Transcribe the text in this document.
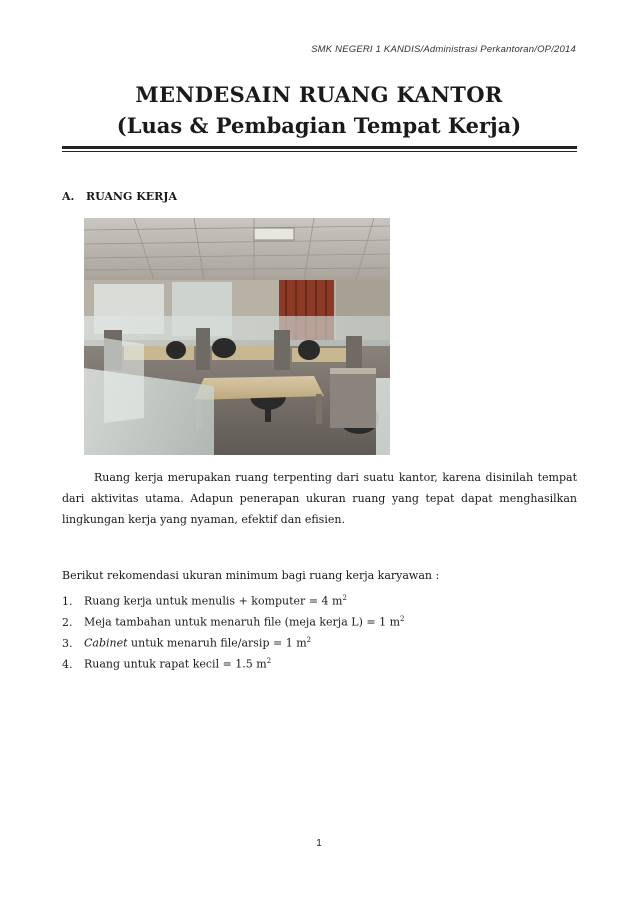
SMK NEGERI 1 KANDIS/Administrasi Perkantoran/OP/2014
MENDESAIN RUANG KANTOR
(Luas & Pembagian Tempat Kerja)
A. RUANG KERJA
Ruang kerja merupakan ruang terpenting dari suatu kantor, karena disinilah tempat dari aktivitas utama. Adapun penerapan ukuran ruang yang tepat dapat menghasilkan lingkungan kerja yang nyaman, efektif dan efisien.
Berikut rekomendasi ukuran minimum bagi ruang kerja karyawan :
1. Ruang kerja untuk menulis + komputer = 4 $m^2$
2. Meja tambahan untuk menaruh file (meja kerja L) = 1 $m^2$
3. Cabinet untuk menaruh file/arsip = 1 $m^2$
4. Ruang untuk rapat kecil = 1.5 $m^2$
1
